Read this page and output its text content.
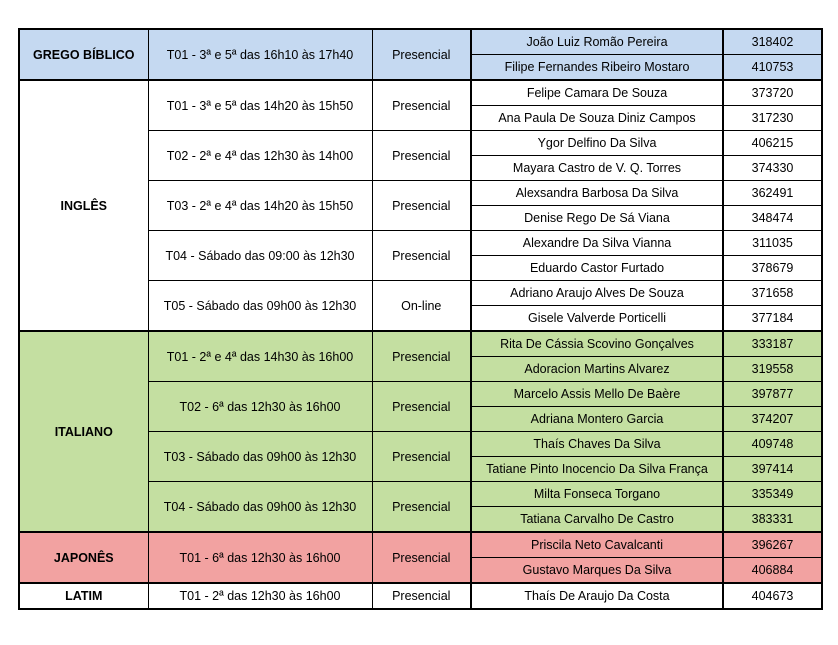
GREGO BÍBLICO	T01 - 3ª e 5ª das 16h10 às 17h40	Presencial	João Luiz Romão Pereira	318402
			Filipe Fernandes Ribeiro Mostaro	410753
INGLÊS	T01 - 3ª e 5ª das 14h20 às 15h50	Presencial	Felipe Camara De Souza	373720
			Ana Paula De Souza Diniz Campos	317230
	T02 - 2ª e 4ª das 12h30 às 14h00	Presencial	Ygor Delfino Da Silva	406215
			Mayara Castro de V. Q. Torres	374330
	T03 - 2ª e 4ª das 14h20 às 15h50	Presencial	Alexsandra Barbosa Da Silva	362491
			Denise Rego De Sá Viana	348474
	T04 - Sábado das 09:00 às 12h30	Presencial	Alexandre Da Silva Vianna	311035
			Eduardo Castor Furtado	378679
	T05 - Sábado das 09h00 às 12h30	On-line	Adriano Araujo Alves De Souza	371658
			Gisele Valverde Porticelli	377184
ITALIANO	T01 - 2ª e 4ª das 14h30 às 16h00	Presencial	Rita De Cássia Scovino Gonçalves	333187
			Adoracion Martins Alvarez	319558
	T02 - 6ª das 12h30 às 16h00	Presencial	Marcelo Assis Mello De Baère	397877
			Adriana Montero Garcia	374207
	T03 - Sábado das 09h00 às 12h30	Presencial	Thaís Chaves Da Silva	409748
			Tatiane Pinto Inocencio Da Silva França	397414
	T04 - Sábado das 09h00 às 12h30	Presencial	Milta Fonseca Torgano	335349
			Tatiana Carvalho De Castro	383331
JAPONÊS	T01 - 6ª das 12h30 às 16h00	Presencial	Priscila Neto Cavalcanti	396267
			Gustavo Marques Da Silva	406884
LATIM	T01 - 2ª das 12h30 às 16h00	Presencial	Thaís De Araujo Da Costa	404673
